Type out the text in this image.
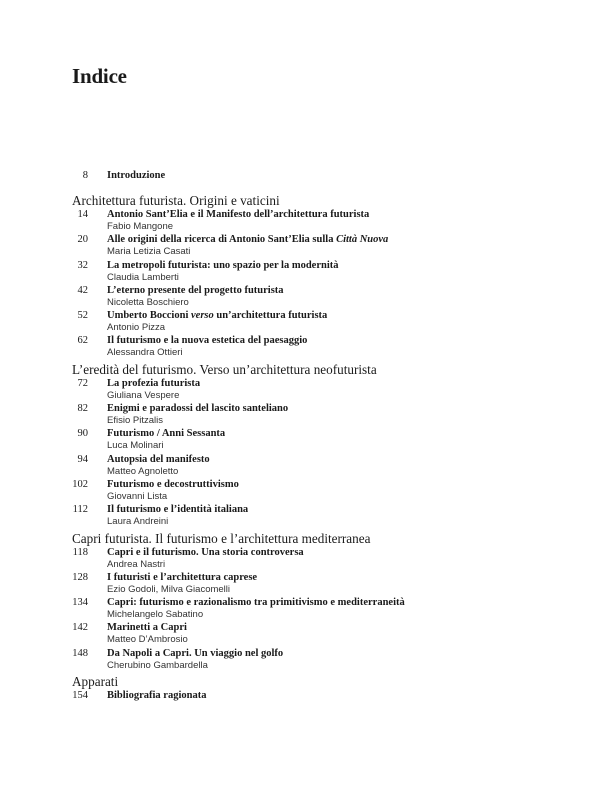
Indice
8 Introduzione
Architettura futurista. Origini e vaticini
14 Antonio Sant’Elia e il Manifesto dell’architettura futurista
Fabio Mangone
20 Alle origini della ricerca di Antonio Sant’Elia sulla Città Nuova
Maria Letizia Casati
32 La metropoli futurista: uno spazio per la modernità
Claudia Lamberti
42 L’eterno presente del progetto futurista
Nicoletta Boschiero
52 Umberto Boccioni verso un’architettura futurista
Antonio Pizza
62 Il futurismo e la nuova estetica del paesaggio
Alessandra Ottieri
L’eredità del futurismo. Verso un’architettura neofuturista
72 La profezia futurista
Giuliana Vespere
82 Enigmi e paradossi del lascito santeliano
Efisio Pitzalis
90 Futurismo / Anni Sessanta
Luca Molinari
94 Autopsia del manifesto
Matteo Agnoletto
102 Futurismo e decostruttivismo
Giovanni Lista
112 Il futurismo e l’identità italiana
Laura Andreini
Capri futurista. Il futurismo e l’architettura mediterranea
118 Capri e il futurismo. Una storia controversa
Andrea Nastri
128 I futuristi e l’architettura caprese
Ezio Godoli, Milva Giacomelli
134 Capri: futurismo e razionalismo tra primitivismo e mediterraneità
Michelangelo Sabatino
142 Marinetti a Capri
Matteo D’Ambrosio
148 Da Napoli a Capri. Un viaggio nel golfo
Cherubino Gambardella
Apparati
154 Bibliografia ragionata
